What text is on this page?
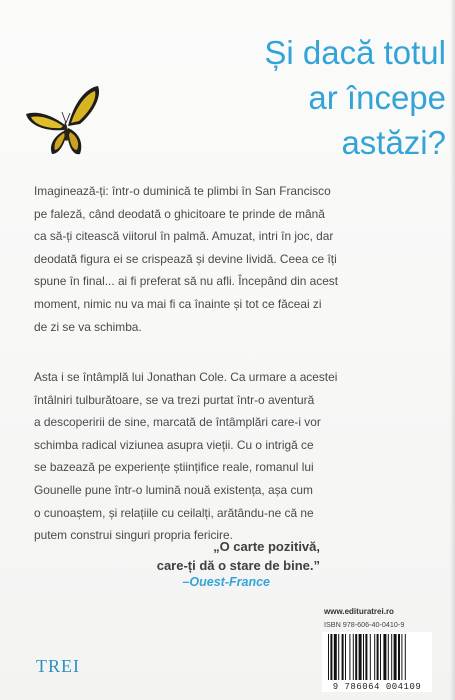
Și dacă totul
ar începe
astăzi?
Imaginează-ți: într-o duminică te plimbi în San Francisco
pe faleză, când deodată o ghicitoare te prinde de mână
ca să-ți citească viitorul în palmă. Amuzat, intri în joc, dar
deodată figura ei se crispează și devine lividă. Ceea ce îți
spune în final... ai fi preferat să nu afli. Începând din acest
moment, nimic nu va mai fi ca înainte și tot ce făceai zi
de zi se va schimba.
Asta i se întâmplă lui Jonathan Cole. Ca urmare a acestei
întâlniri tulburătoare, se va trezi purtat într-o aventură
a descoperirii de sine, marcată de întâmplări care-i vor
schimba radical viziunea asupra vieții. Cu o intrigă ce
se bazează pe experiențe științifice reale, romanul lui
Gounelle pune într-o lumină nouă existența, așa cum
o cunoaștem, și relațiile cu ceilalți, arătându-ne că ne
putem construi singuri propria fericire.
„O carte pozitivă,
care-ți dă o stare de bine.”
–Ouest-France
www.edituratrei.ro
ISBN 978-606-40-0410-9
9 786064 004109
TREI
